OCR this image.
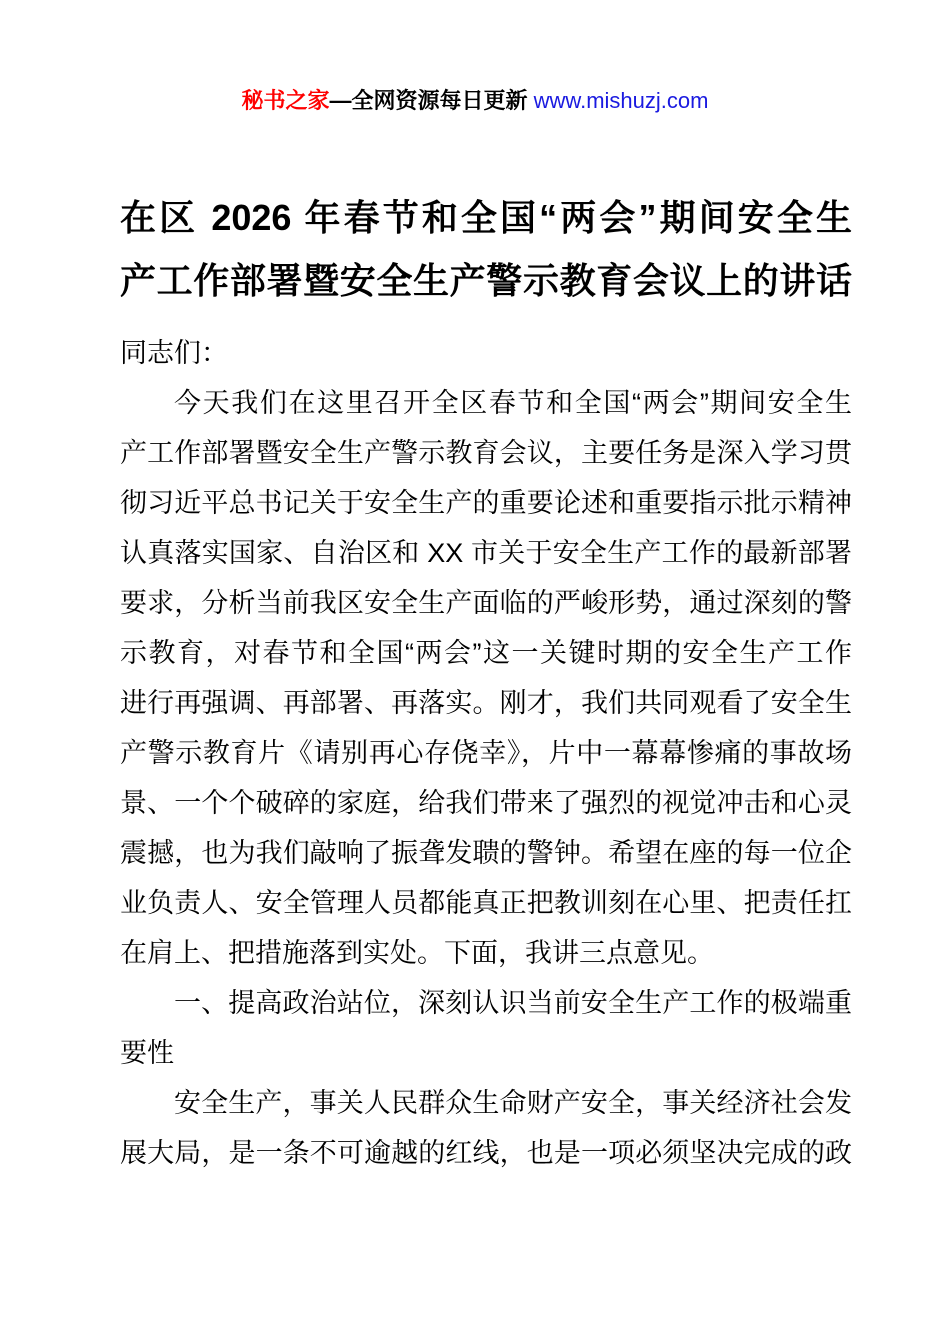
秘书之家—全网资源每日更新 www.mishuzj.com
在区 2026 年春节和全国“两会”期间安全生
产工作部署暨安全生产警示教育会议上的讲话
同志们：
今天我们在这里召开全区春节和全国“两会”期间安全生
产工作部署暨安全生产警示教育会议，主要任务是深入学习贯
彻习近平总书记关于安全生产的重要论述和重要指示批示精神
认真落实国家、自治区和 XX 市关于安全生产工作的最新部署
要求，分析当前我区安全生产面临的严峻形势，通过深刻的警
示教育，对春节和全国“两会”这一关键时期的安全生产工作
进行再强调、再部署、再落实。刚才，我们共同观看了安全生
产警示教育片《请别再心存侥幸》，片中一幕幕惨痛的事故场
景、一个个破碎的家庭，给我们带来了强烈的视觉冲击和心灵
震撼，也为我们敲响了振聋发聩的警钟。希望在座的每一位企
业负责人、安全管理人员都能真正把教训刻在心里、把责任扛
在肩上、把措施落到实处。下面，我讲三点意见。
一、提高政治站位，深刻认识当前安全生产工作的极端重
要性
安全生产，事关人民群众生命财产安全，事关经济社会发
展大局，是一条不可逾越的红线，也是一项必须坚决完成的政
